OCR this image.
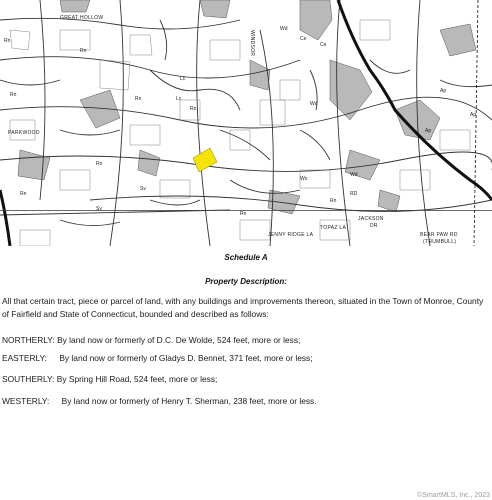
Rn
Rn
Rn
Rn
Rn
Rn
Rn
Rn
Rn
Wd
Wd
Wd
Ce
Ce
Lc
Lc
Ap
Ap
Ap
Sv
Sv
Wo
RD
GREAT HOLLOW
PARKWOOD
WINDSOR
JENNY RIDGE LA
TOPAZ LA
JACKSON
DR
BEAR PAW RD
(TRUMBULL)
Schedule A
Property Description:
All that certain tract, piece or parcel of land, with any buildings and improvements thereon, situated in the Town of Monroe, County of Fairfield and State of Connecticut, bounded and described as follows:
NORTHERLY: By land now or formerly of D.C. De Wolde, 524 feet, more or less;
EASTERLY: By land now or formerly of Gladys D. Bennet, 371 feet, more or less;
SOUTHERLY: By Spring Hill Road, 524 feet, more or less;
WESTERLY: By land now or formerly of Henry T. Sherman, 238 feet, more or less.
©SmartMLS, Inc., 2023
